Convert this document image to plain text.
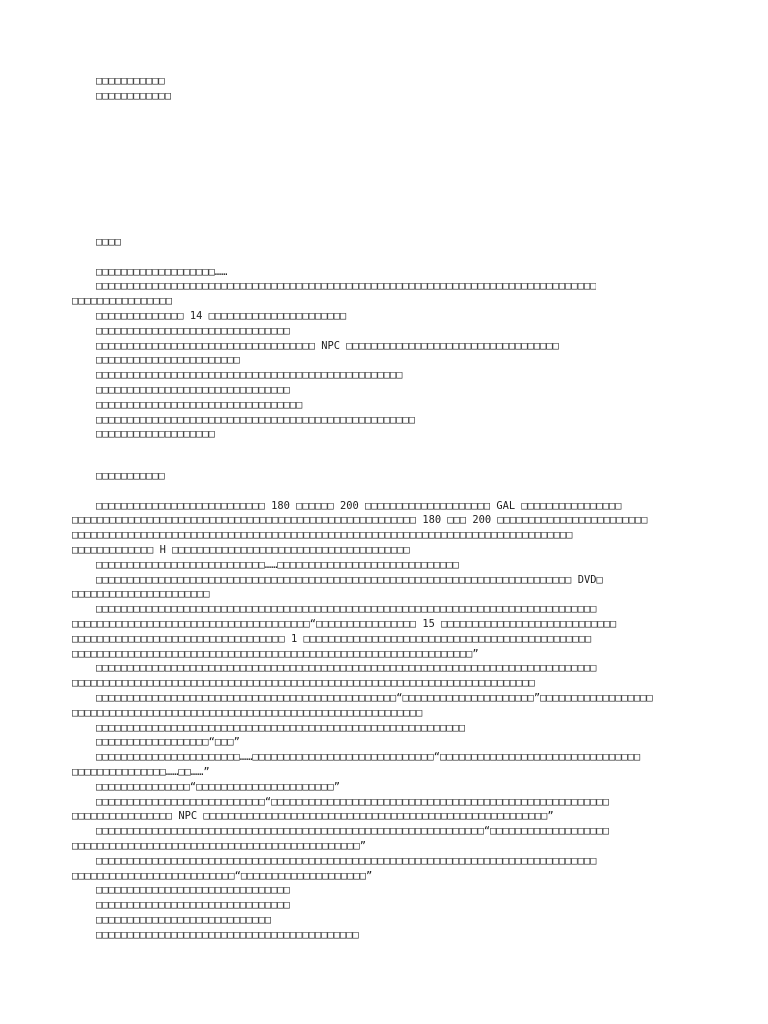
□□□□□□□□□□□
□□□□□□□□□□□□
□□□□
□□□□□□□□□□□□□□□□□□□……
□□□□□□□□□□□□□□□□□□□□□□□□□□□□□□□□□□□□□□□□□□□□□□□□□□□□□□□□□□□□□□□□□□□□□□□□□□□□□□□□
□□□□□□□□□□□□□□□□
□□□□□□□□□□□□□□ 14 □□□□□□□□□□□□□□□□□□□□□□
□□□□□□□□□□□□□□□□□□□□□□□□□□□□□□□
□□□□□□□□□□□□□□□□□□□□□□□□□□□□□□□□□□□ NPC □□□□□□□□□□□□□□□□□□□□□□□□□□□□□□□□□□
□□□□□□□□□□□□□□□□□□□□□□□
□□□□□□□□□□□□□□□□□□□□□□□□□□□□□□□□□□□□□□□□□□□□□□□□□
□□□□□□□□□□□□□□□□□□□□□□□□□□□□□□□
□□□□□□□□□□□□□□□□□□□□□□□□□□□□□□□□□
□□□□□□□□□□□□□□□□□□□□□□□□□□□□□□□□□□□□□□□□□□□□□□□□□□□
□□□□□□□□□□□□□□□□□□□
□□□□□□□□□□□
□□□□□□□□□□□□□□□□□□□□□□□□□□□ 180 □□□□□□ 200 □□□□□□□□□□□□□□□□□□□□ GAL □□□□□□□□□□□□□□□□
□□□□□□□□□□□□□□□□□□□□□□□□□□□□□□□□□□□□□□□□□□□□□□□□□□□□□□□ 180 □□□ 200 □□□□□□□□□□□□□□□□□□□□□□□□
□□□□□□□□□□□□□□□□□□□□□□□□□□□□□□□□□□□□□□□□□□□□□□□□□□□□□□□□□□□□□□□□□□□□□□□□□□□□□□□□
□□□□□□□□□□□□□ H □□□□□□□□□□□□□□□□□□□□□□□□□□□□□□□□□□□□□□
□□□□□□□□□□□□□□□□□□□□□□□□□□□……□□□□□□□□□□□□□□□□□□□□□□□□□□□□□
□□□□□□□□□□□□□□□□□□□□□□□□□□□□□□□□□□□□□□□□□□□□□□□□□□□□□□□□□□□□□□□□□□□□□□□□□□□□ DVD□
□□□□□□□□□□□□□□□□□□□□□□
□□□□□□□□□□□□□□□□□□□□□□□□□□□□□□□□□□□□□□□□□□□□□□□□□□□□□□□□□□□□□□□□□□□□□□□□□□□□□□□□
□□□□□□□□□□□□□□□□□□□□□□□□□□□□□□□□□□□□□□“□□□□□□□□□□□□□□□□ 15 □□□□□□□□□□□□□□□□□□□□□□□□□□□□
□□□□□□□□□□□□□□□□□□□□□□□□□□□□□□□□□□ 1 □□□□□□□□□□□□□□□□□□□□□□□□□□□□□□□□□□□□□□□□□□□□□□
□□□□□□□□□□□□□□□□□□□□□□□□□□□□□□□□□□□□□□□□□□□□□□□□□□□□□□□□□□□□□□□□”
□□□□□□□□□□□□□□□□□□□□□□□□□□□□□□□□□□□□□□□□□□□□□□□□□□□□□□□□□□□□□□□□□□□□□□□□□□□□□□□□
□□□□□□□□□□□□□□□□□□□□□□□□□□□□□□□□□□□□□□□□□□□□□□□□□□□□□□□□□□□□□□□□□□□□□□□□□□
□□□□□□□□□□□□□□□□□□□□□□□□□□□□□□□□□□□□□□□□□□□□□□□□“□□□□□□□□□□□□□□□□□□□□□”□□□□□□□□□□□□□□□□□□
□□□□□□□□□□□□□□□□□□□□□□□□□□□□□□□□□□□□□□□□□□□□□□□□□□□□□□□□
□□□□□□□□□□□□□□□□□□□□□□□□□□□□□□□□□□□□□□□□□□□□□□□□□□□□□□□□□□□
□□□□□□□□□□□□□□□□□□“□□□”
□□□□□□□□□□□□□□□□□□□□□□□……□□□□□□□□□□□□□□□□□□□□□□□□□□□□□“□□□□□□□□□□□□□□□□□□□□□□□□□□□□□□□□
□□□□□□□□□□□□□□□……□□……”
□□□□□□□□□□□□□□□“□□□□□□□□□□□□□□□□□□□□□□”
□□□□□□□□□□□□□□□□□□□□□□□□□□□“□□□□□□□□□□□□□□□□□□□□□□□□□□□□□□□□□□□□□□□□□□□□□□□□□□□□□□
□□□□□□□□□□□□□□□□ NPC □□□□□□□□□□□□□□□□□□□□□□□□□□□□□□□□□□□□□□□□□□□□□□□□□□□□□□□”
□□□□□□□□□□□□□□□□□□□□□□□□□□□□□□□□□□□□□□□□□□□□□□□□□□□□□□□□□□□□□□“□□□□□□□□□□□□□□□□□□□
□□□□□□□□□□□□□□□□□□□□□□□□□□□□□□□□□□□□□□□□□□□□□□”
□□□□□□□□□□□□□□□□□□□□□□□□□□□□□□□□□□□□□□□□□□□□□□□□□□□□□□□□□□□□□□□□□□□□□□□□□□□□□□□□
□□□□□□□□□□□□□□□□□□□□□□□□□□“□□□□□□□□□□□□□□□□□□□□”
□□□□□□□□□□□□□□□□□□□□□□□□□□□□□□□
□□□□□□□□□□□□□□□□□□□□□□□□□□□□□□□
□□□□□□□□□□□□□□□□□□□□□□□□□□□□
□□□□□□□□□□□□□□□□□□□□□□□□□□□□□□□□□□□□□□□□□□
